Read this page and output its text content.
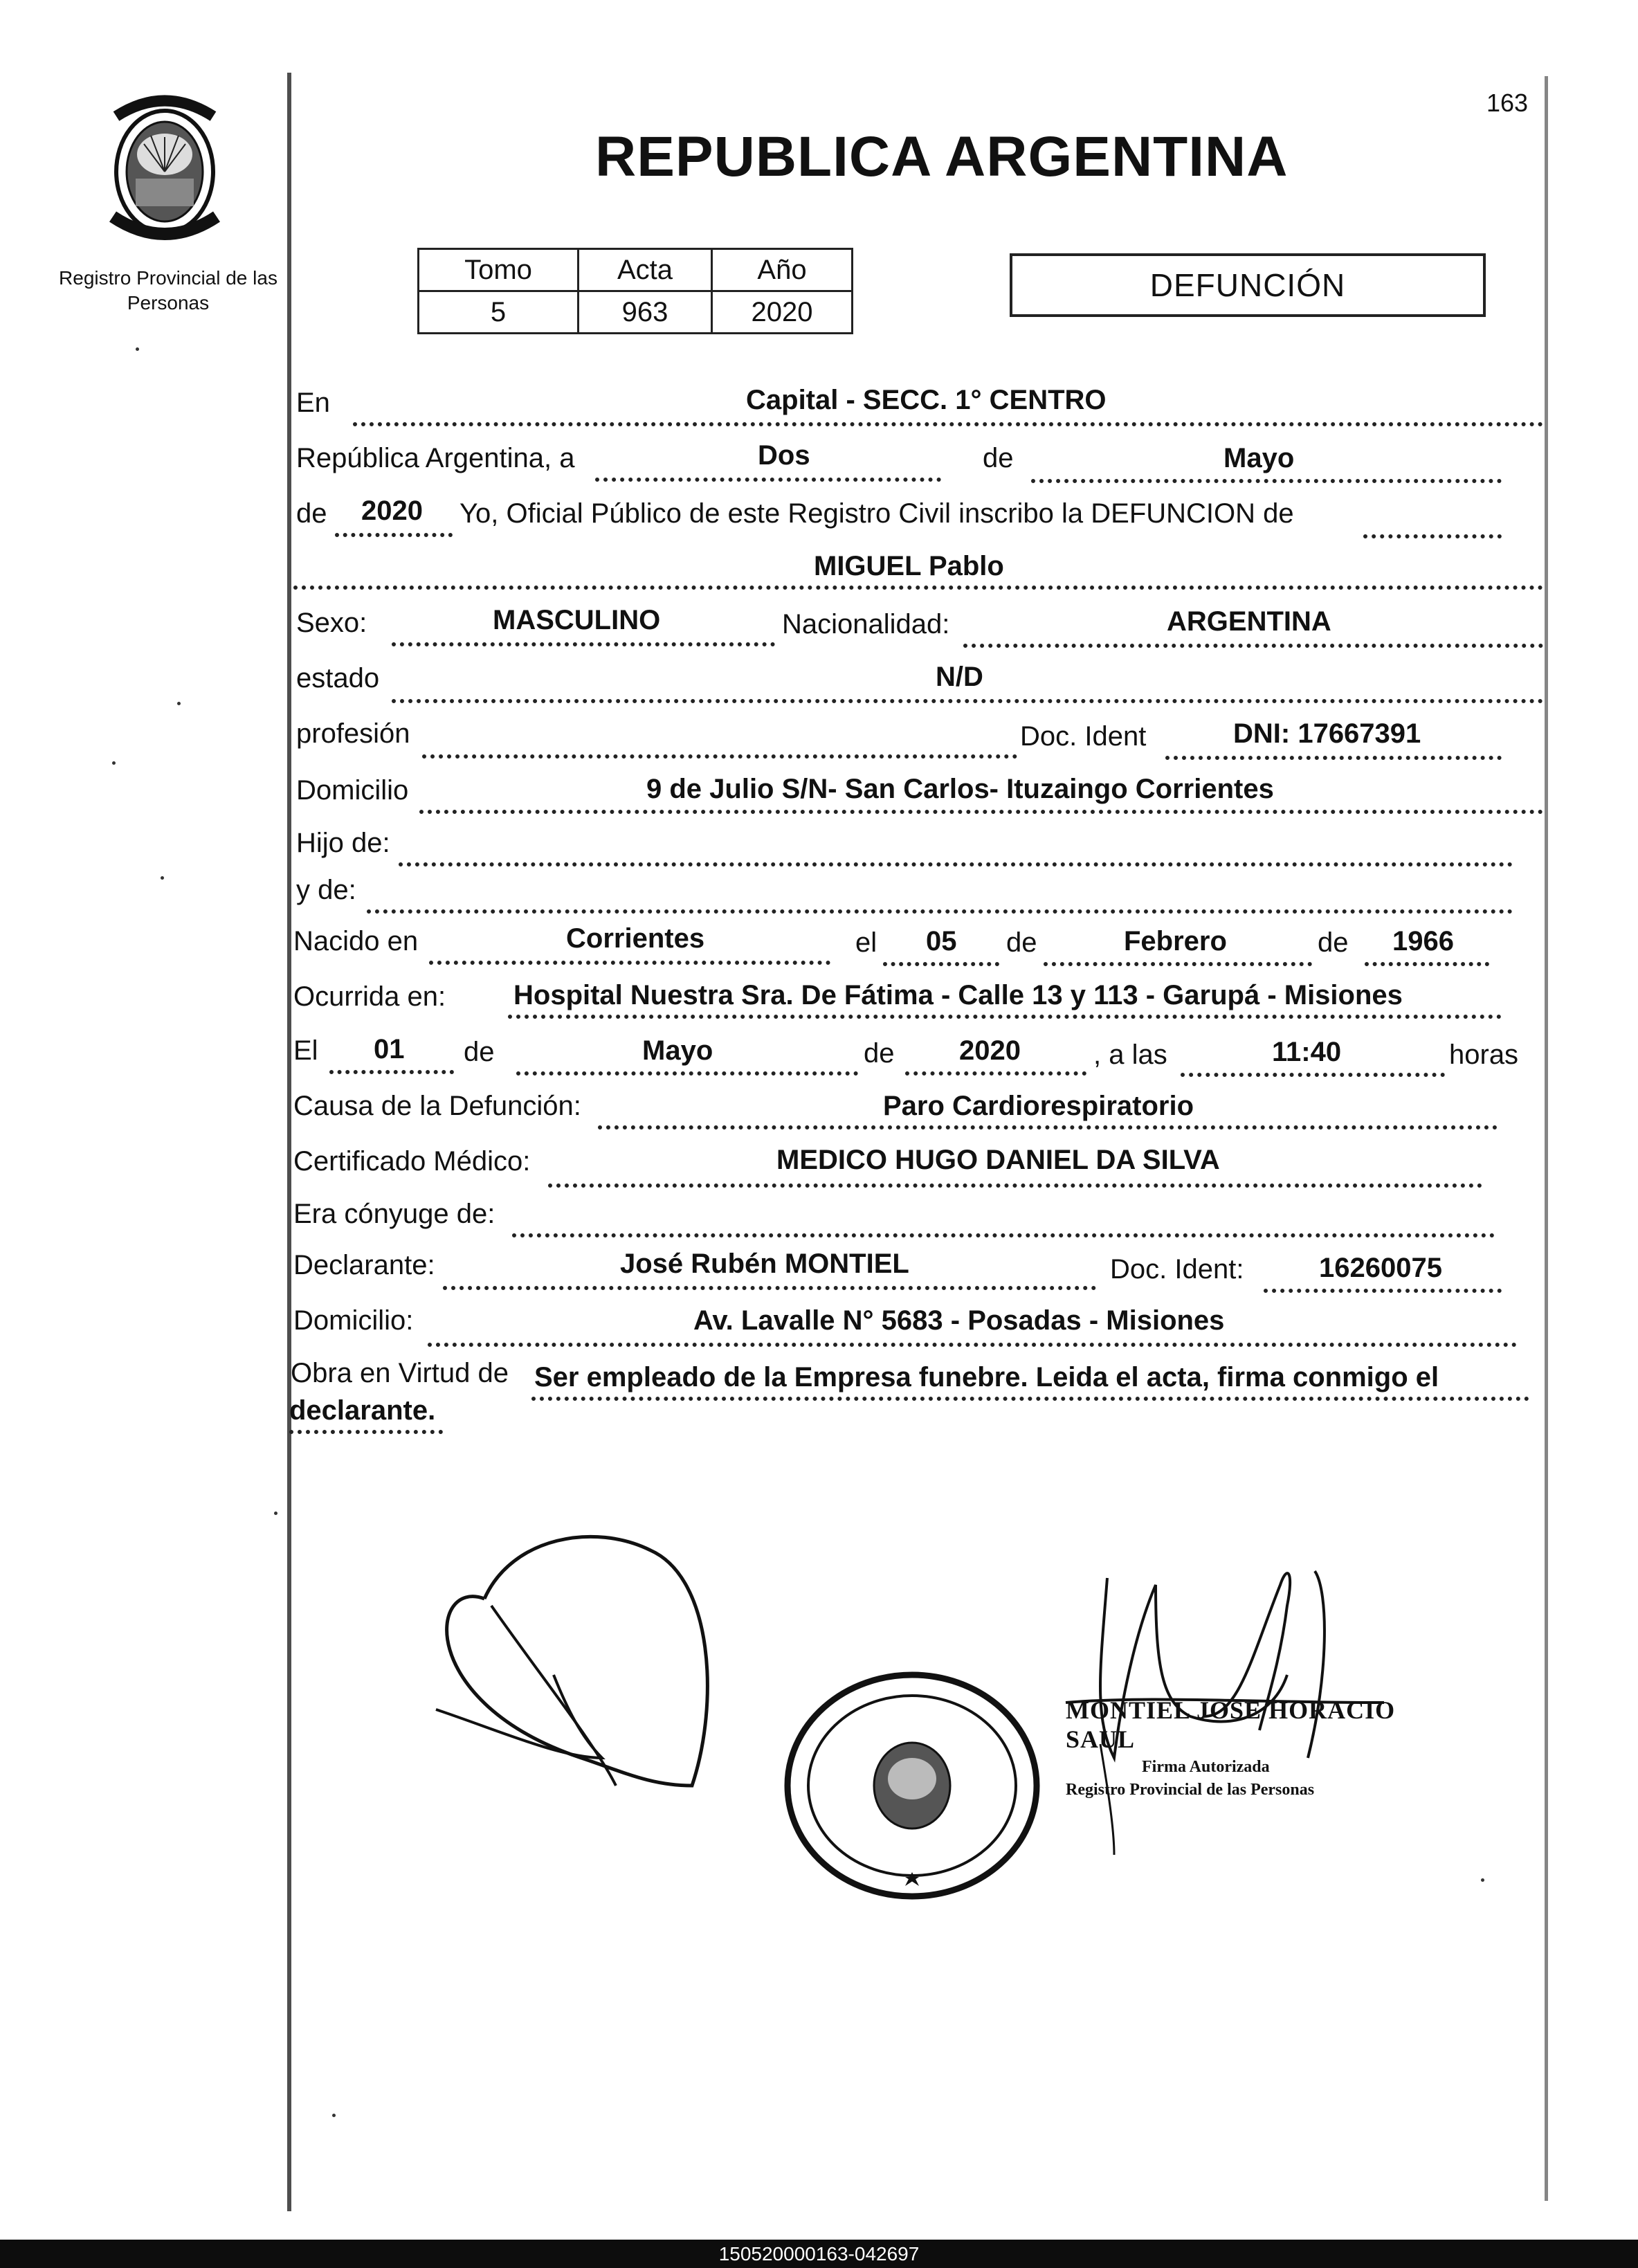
163
Registro Provincial de las Personas
REPUBLICA ARGENTINA
Tomo	Acta	Año
5	963	2020
DEFUNCIÓN
En	Capital - SECC. 1° CENTRO
República Argentina, a	Dos	de	Mayo
de 2020 Yo, Oficial Público de este Registro Civil inscribo la DEFUNCION de
MIGUEL Pablo
Sexo:	MASCULINO	Nacionalidad:	ARGENTINA
estado	N/D
profesión	Doc. Ident	DNI: 17667391
Domicilio	9 de Julio S/N- San Carlos- Ituzaingo Corrientes
Hijo de:
y de:
Nacido en	Corrientes	el 05 de	Febrero	de 1966
Ocurrida en: Hospital Nuestra Sra. De Fátima - Calle 13 y 113 - Garupá - Misiones
El 01 de	Mayo	de 2020	, a las	11:40	horas
Causa de la Defunción:	Paro Cardiorespiratorio
Certificado Médico:	MEDICO HUGO DANIEL DA SILVA
Era cónyuge de:
Declarante:	José Rubén MONTIEL	Doc. Ident:	16260075
Domicilio:	Av. Lavalle N° 5683 - Posadas - Misiones
Obra en Virtud de Ser empleado de la Empresa funebre. Leida el acta, firma conmigo el
declarante.
MONTIEL JOSE HORACIO SAUL
Firma Autorizada
Registro Provincial de las Personas
150520000163-042697
